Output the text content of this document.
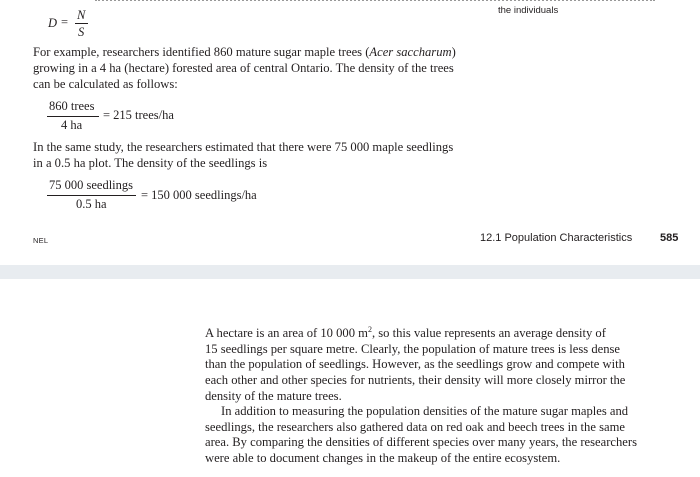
D = N
S
the individuals
For example, researchers identified 860 mature sugar maple trees (Acer saccharum)
growing in a 4 ha (hectare) forested area of central Ontario. The density of the trees
can be calculated as follows:
860 trees
4 ha
= 215 trees/ha
In the same study, the researchers estimated that there were 75 000 maple seedlings
in a 0.5 ha plot. The density of the seedlings is
75 000 seedlings
0.5 ha
= 150 000 seedlings/ha
NEL	12.1 Population Characteristics	585
A hectare is an area of 10 000 $m^2$, so this value represents an average density of
15 seedlings per square metre. Clearly, the population of mature trees is less dense
than the population of seedlings. However, as the seedlings grow and compete with
each other and other species for nutrients, their density will more closely mirror the
density of the mature trees.
In addition to measuring the population densities of the mature sugar maples and
seedlings, the researchers also gathered data on red oak and beech trees in the same
area. By comparing the densities of different species over many years, the researchers
were able to document changes in the makeup of the entire ecosystem.
